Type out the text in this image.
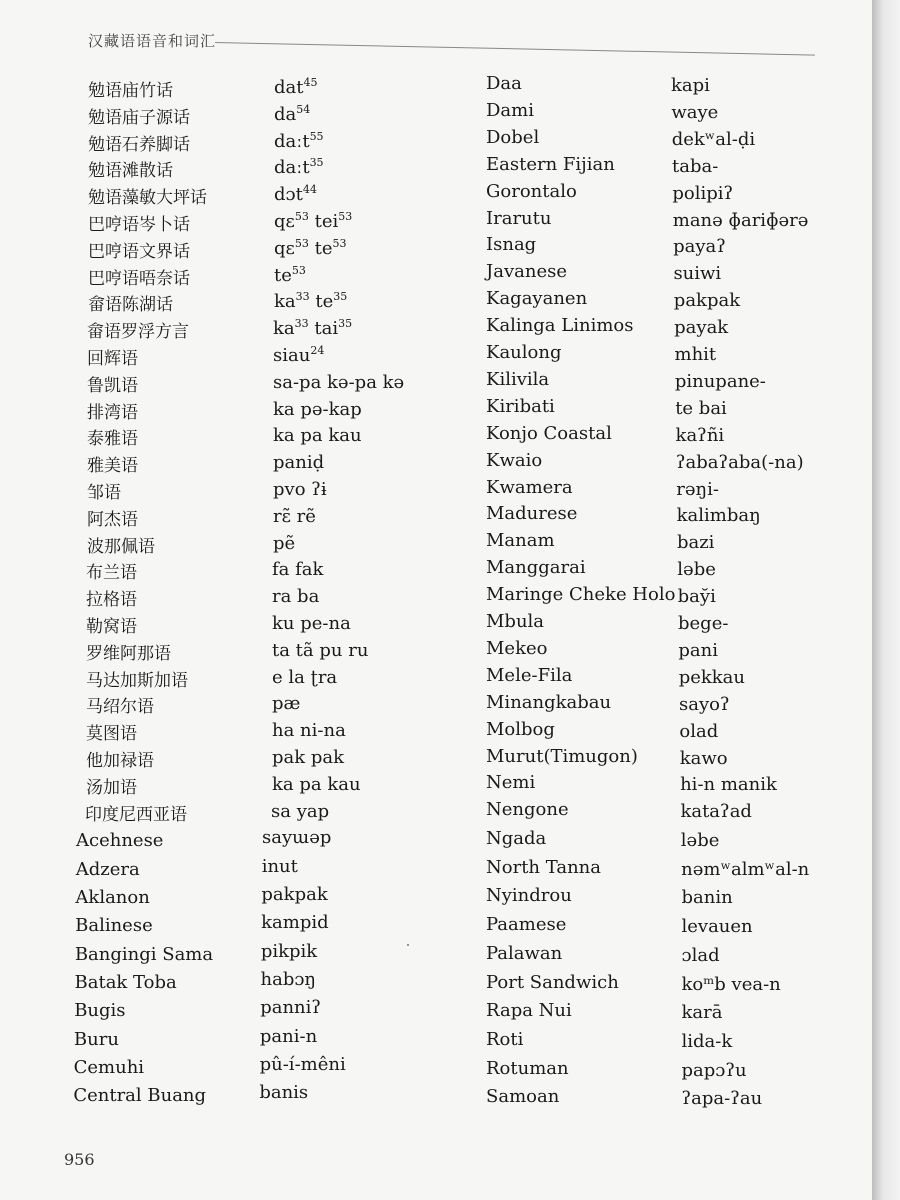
汉藏语语音和词汇
勉语庙竹话
勉语庙子源话
勉语石养脚话
勉语滩散话
勉语藻敏大坪话
巴哼语岑卜话
巴哼语文界话
巴哼语唔奈话
畲语陈湖话
畲语罗浮方言
回辉语
鲁凯语
排湾语
泰雅语
雅美语
邹语
阿杰语
波那佩语
布兰语
拉格语
勒窝语
罗维阿那语
马达加斯加语
马绍尔语
莫图语
他加禄语
汤加语
印度尼西亚语
Acehnese
Adzera
Aklanon
Balinese
Bangingi Sama
Batak Toba
Bugis
Buru
Cemuhi
Central Buang
dat$^{45}$
$da^{54}$
daːt$^{55}$
daːt$^{35}$
dɔt$^{44}$
qɛ$^{53}$ tei$^{53}$
qɛ$^{53}$ $te^{53}$
$te^{53}$
$ka^{33}$ $te^{35}$
$ka^{33}$ tai$^{35}$
siau$^{24}$
sa-pa kə-pa kə
ka pə-kap
ka pa kau
paniḍ
pvo ʔɨ
rɛ̃ rẽ
pẽ
fa fak
ra ba
ku pe-na
ta tã pu ru
e la ʈra
pæ
ha ni-na
pak pak
ka pa kau
sa yap
sayɯəp
inut
pakpak
kampid
pikpik
habɔŋ
panniʔ
pani-n
pû-í-mêni
banis
Daa
Dami
Dobel
Eastern Fijian
Gorontalo
Irarutu
Isnag
Javanese
Kagayanen
Kalinga Linimos
Kaulong
Kilivila
Kiribati
Konjo Coastal
Kwaio
Kwamera
Madurese
Manam
Manggarai
Maringe Cheke Holo
Mbula
Mekeo
Mele-Fila
Minangkabau
Molbog
Murut(Timugon)
Nemi
Nengone
Ngada
North Tanna
Nyindrou
Paamese
Palawan
Port Sandwich
Rapa Nui
Roti
Rotuman
Samoan
kapi
waye
dekʷal-ḍi
taba-
polipiʔ
manə ɸariɸərə
payaʔ
suiwi
pakpak
payak
mhit
pinupane-
te bai
kaʔñi
ʔabaʔaba(-na)
rəŋi-
kalimbaŋ
bazi
ləbe
bay̆i
bege-
pani
pekkau
sayoʔ
olad
kawo
hi-n manik
kataʔad
ləbe
nəmʷalmʷal-n
banin
levauen
ɔlad
koᵐb vea-n
karā
lida-k
papɔʔu
ʔapa-ʔau
956
